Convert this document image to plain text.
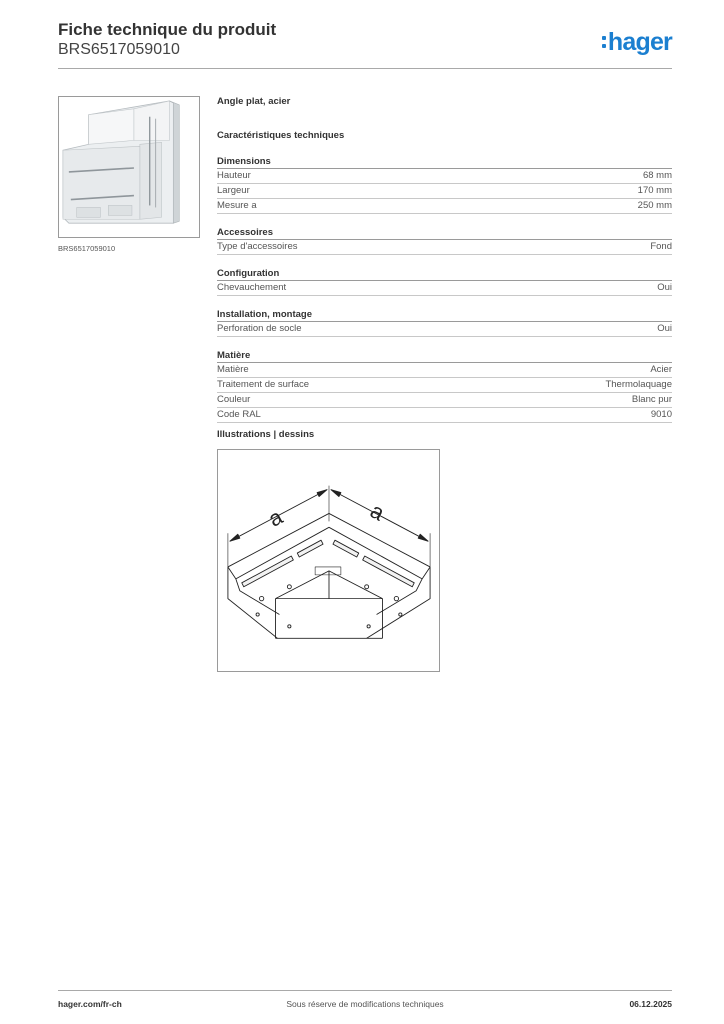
Fiche technique du produit
BRS6517059010	hager
BRS6517059010
Angle plat, acier
Caractéristiques techniques
Dimensions
Hauteur	68 mm
Largeur	170 mm
Mesure a	250 mm
Accessoires
Type d'accessoires	Fond
Configuration
Chevauchement	Oui
Installation, montage
Perforation de socle	Oui
Matière
Matière	Acier
Traitement de surface	Thermolaquage
Couleur	Blanc pur
Code RAL	9010
Illustrations | dessins
a	a
hager.com/fr-ch	Sous réserve de modifications techniques	06.12.2025
